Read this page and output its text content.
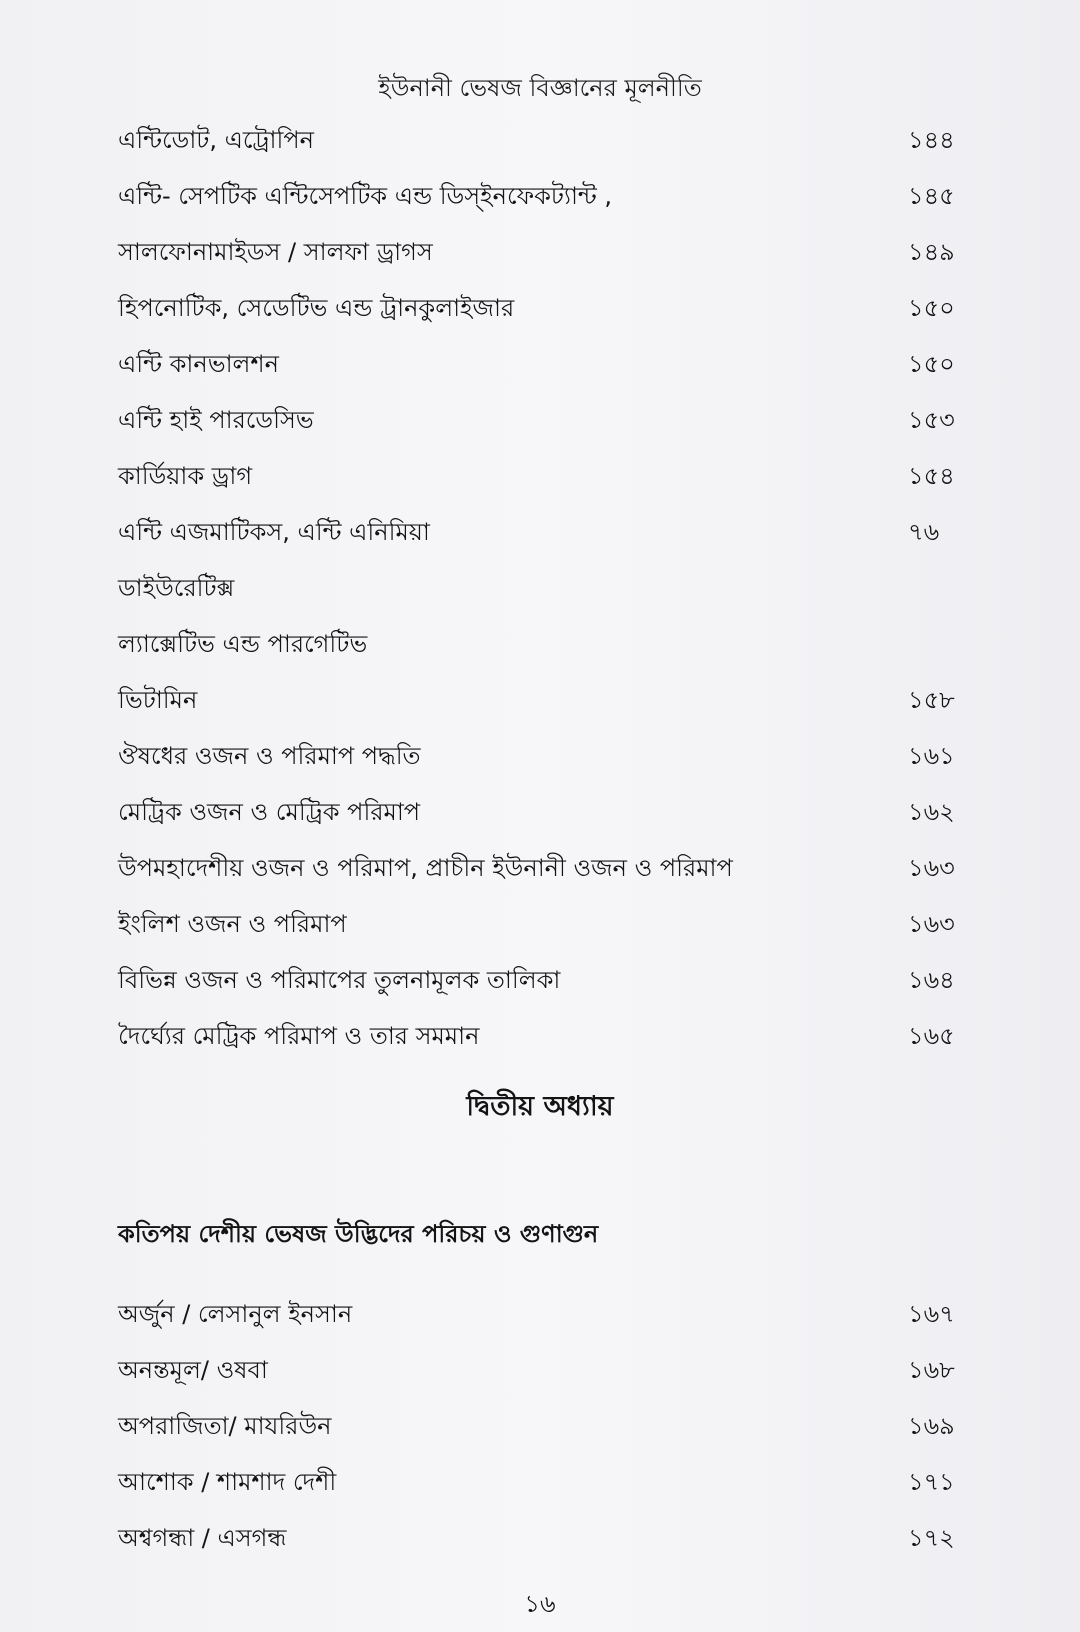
ইউনানী ভেষজ বিজ্ঞানের মূলনীতি
এন্টিডোট, এট্রোপিন	১৪৪
এন্টি- সেপটিক এন্টিসেপটিক এন্ড ডিস্ইনফেকট্যান্ট ,	১৪৫
সালফোনামাইডস / সালফা ড্রাগস	১৪৯
হিপনোটিক, সেডেটিভ এন্ড ট্রানকুলাইজার	১৫০
এন্টি কানভালশন	১৫০
এন্টি হাই পারডেসিভ	১৫৩
কার্ডিয়াক ড্রাগ	১৫৪
এন্টি এজমাটিকস, এন্টি এনিমিয়া	৭৬
ডাইউরেটিক্স
ল্যাক্সেটিভ এন্ড পারগেটিভ
ভিটামিন	১৫৮
ঔষধের ওজন ও পরিমাপ পদ্ধতি	১৬১
মেট্রিক ওজন ও মেট্রিক পরিমাপ	১৬২
উপমহাদেশীয় ওজন ও পরিমাপ, প্রাচীন ইউনানী ওজন ও পরিমাপ	১৬৩
ইংলিশ ওজন ও পরিমাপ	১৬৩
বিভিন্ন ওজন ও পরিমাপের তুলনামূলক তালিকা	১৬৪
দৈর্ঘ্যের মেট্রিক পরিমাপ ও তার সমমান	১৬৫
দ্বিতীয় অধ্যায়
কতিপয় দেশীয় ভেষজ উদ্ভিদের পরিচয় ও গুণাগুন
অর্জুন / লেসানুল ইনসান	১৬৭
অনন্তমূল/ ওষবা	১৬৮
অপরাজিতা/ মাযরিউন	১৬৯
আশোক / শামশাদ দেশী	১৭১
অশ্বগন্ধা / এসগন্ধ	১৭২
১৬
